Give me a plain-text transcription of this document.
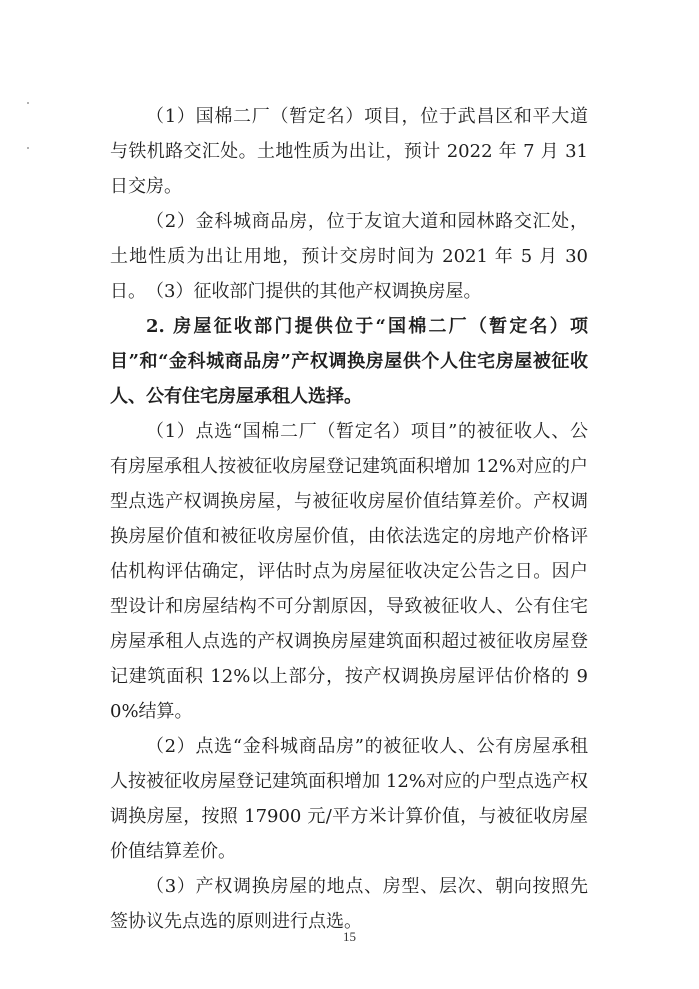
（1）国棉二厂（暂定名）项目，位于武昌区和平大道与铁机路交汇处。土地性质为出让，预计 2022 年 7 月 31 日交房。

（2）金科城商品房，位于友谊大道和园林路交汇处，土地性质为出让用地，预计交房时间为 2021 年 5 月 30 日。 （3）征收部门提供的其他产权调换房屋。

2. 房屋征收部门提供位于“国棉二厂（暂定名）项目”和“金科城商品房”产权调换房屋供个人住宅房屋被征收人、公有住宅房屋承租人选择。

（1）点选“国棉二厂（暂定名）项目”的被征收人、公有房屋承租人按被征收房屋登记建筑面积增加 12%对应的户型点选产权调换房屋，与被征收房屋价值结算差价。产权调换房屋价值和被征收房屋价值，由依法选定的房地产价格评估机构评估确定，评估时点为房屋征收决定公告之日。因户型设计和房屋结构不可分割原因，导致被征收人、公有住宅房屋承租人点选的产权调换房屋建筑面积超过被征收房屋登记建筑面积 12%以上部分，按产权调换房屋评估价格的 90%结算。

（2）点选“金科城商品房”的被征收人、公有房屋承租人按被征收房屋登记建筑面积增加 12%对应的户型点选产权调换房屋，按照 17900 元/平方米计算价值，与被征收房屋价值结算差价。

（3）产权调换房屋的地点、房型、层次、朝向按照先签协议先点选的原则进行点选。

15
